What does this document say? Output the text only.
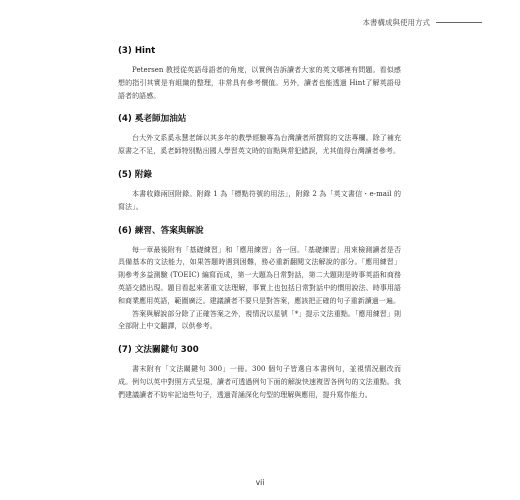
本書構成與使用方式
(3) Hint

Petersen 教授從英語母語者的角度，以實例告訴讀者大家的英文哪裡有問題。看似感想的指引其實是有組織的整理，非常具有參考價值。另外，讀者也能透過 Hint了解英語母語者的語感。

(4) 奚老師加油站

台大外文系奚永慧老師以其多年的教學經驗專為台灣讀者所撰寫的文法專欄。除了補充原書之不足，奚老師特別點出國人學習英文時的盲點與常犯錯誤，尤其值得台灣讀者參考。

(5) 附錄

本書收錄兩回附錄。附錄 1 為「標點符號的用法」，附錄 2 為「英文書信・e-mail 的寫法」。

(6) 練習、答案與解說

每一章最後附有「基礎練習」和「應用練習」各一回。「基礎練習」用來檢測讀者是否具備基本的文法能力，如果答題時遇到困難，務必重新翻閱文法解說的部分。「應用練習」則參考多益測驗 (TOEIC) 編寫而成，第一大題為日常對話，第二大題則是時事英語和商務英語交錯出現。題目看起來著重文法理解，事實上也包括日常對話中的慣用說法、時事用語和商業應用英語，範圍廣泛。建議讀者不要只是對答案，應該把正確的句子重新讀過一遍。

答案與解說部分除了正確答案之外，視情況以星號「*」提示文法重點。「應用練習」則全部附上中文翻譯，以供參考。

(7) 文法關鍵句 300

書末附有「文法關鍵句 300」一冊。300 個句子皆選自本書例句，並視情況刪改而成。例句以英中對照方式呈現，讀者可透過例句下面的解說快速複習各例句的文法重點。我們建議讀者不妨牢記這些句子，透過背誦深化句型的理解與應用，提升寫作能力。

vii
